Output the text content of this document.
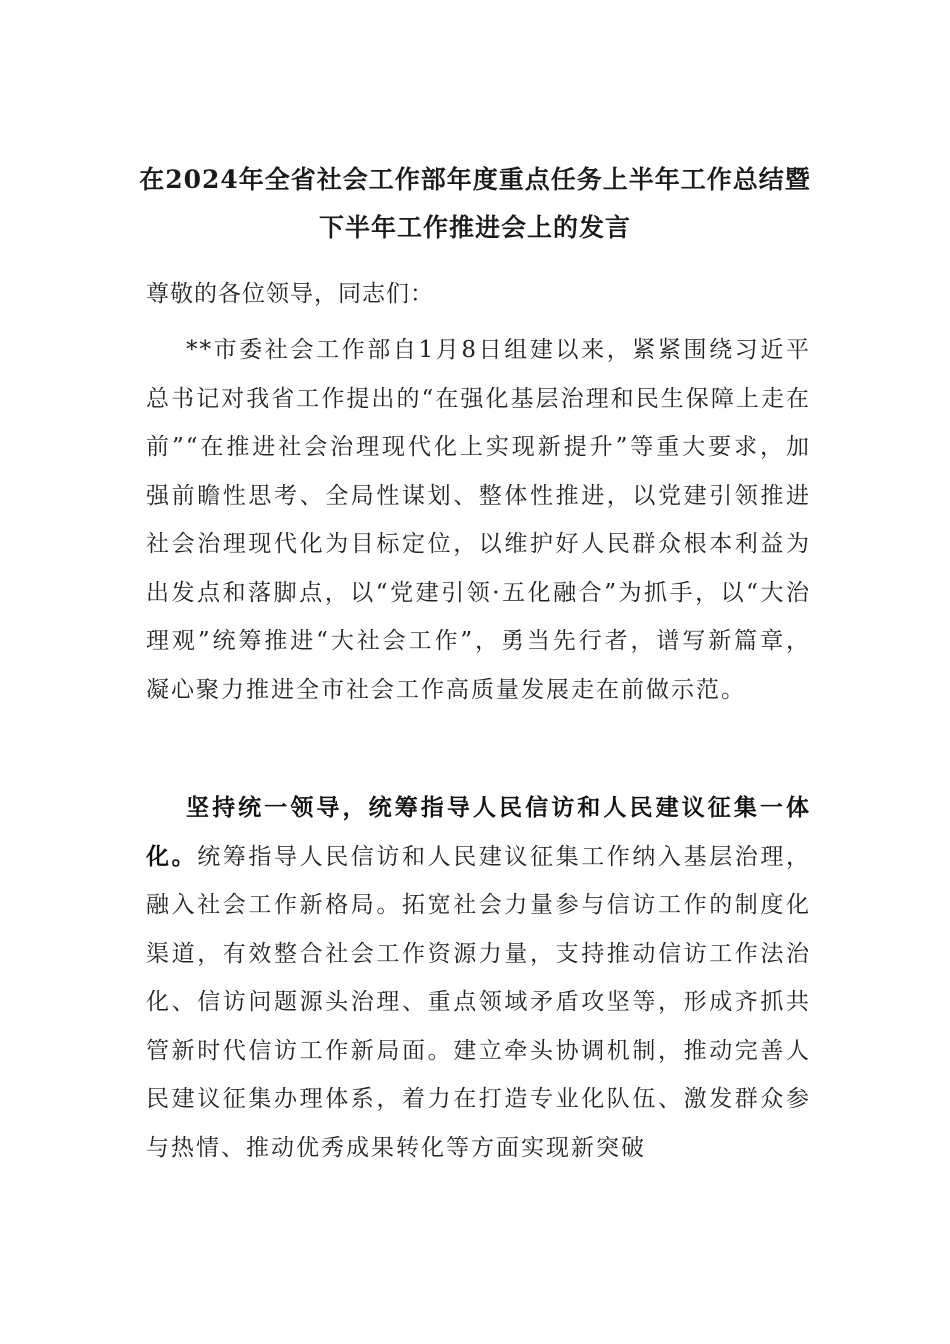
在2024年全省社会工作部年度重点任务上半年工作总结暨
下半年工作推进会上的发言
尊敬的各位领导，同志们：

**市委社会工作部自1月8日组建以来，紧紧围绕习近平总书记对我省工作提出的“在强化基层治理和民生保障上走在前”“在推进社会治理现代化上实现新提升”等重大要求，加强前瞻性思考、全局性谋划、整体性推进，以党建引领推进社会治理现代化为目标定位，以维护好人民群众根本利益为出发点和落脚点，以“党建引领·五化融合”为抓手，以“大治理观”统筹推进“大社会工作”，勇当先行者，谱写新篇章，凝心聚力推进全市社会工作高质量发展走在前做示范。

坚持统一领导，统筹指导人民信访和人民建议征集一体化。统筹指导人民信访和人民建议征集工作纳入基层治理，融入社会工作新格局。拓宽社会力量参与信访工作的制度化渠道，有效整合社会工作资源力量，支持推动信访工作法治化、信访问题源头治理、重点领域矛盾攻坚等，形成齐抓共管新时代信访工作新局面。建立牵头协调机制，推动完善人民建议征集办理体系，着力在打造专业化队伍、激发群众参与热情、推动优秀成果转化等方面实现新突破
